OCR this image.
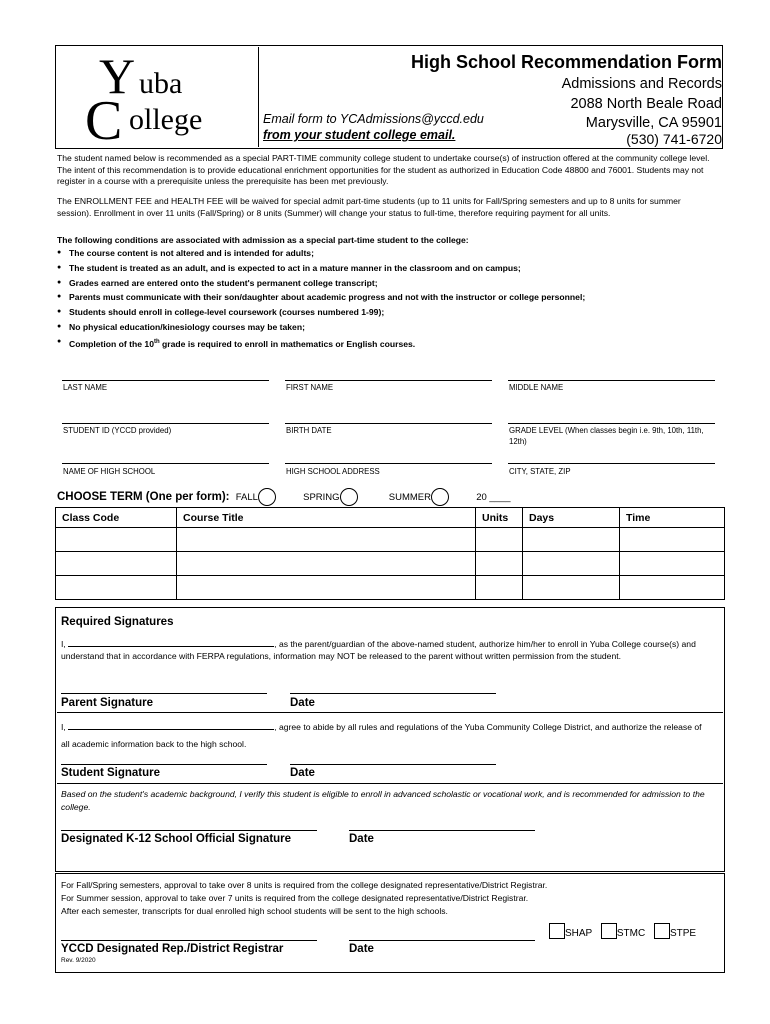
Y uba
C ollege
High School Recommendation Form
Admissions and Records
2088 North Beale Road
Marysville, CA 95901
(530) 741-6720
Email form to YCAdmissions@yccd.edu
from your student college email.
The student named below is recommended as a special PART-TIME community college student to undertake course(s) of instruction offered at the community college level. The intent of this recommendation is to provide educational enrichment opportunities for the student as authorized in Education Code 48800 and 76001. Students may not register in a course with a prerequisite unless the prerequisite has been met previously.
The ENROLLMENT FEE and HEALTH FEE will be waived for special admit part-time students (up to 11 units for Fall/Spring semesters and up to 8 units for summer session). Enrollment in over 11 units (Fall/Spring) or 8 units (Summer) will change your status to full-time, therefore requiring payment for all units.
The following conditions are associated with admission as a special part-time student to the college:
● The course content is not altered and is intended for adults;
● The student is treated as an adult, and is expected to act in a mature manner in the classroom and on campus;
● Grades earned are entered onto the student's permanent college transcript;
● Parents must communicate with their son/daughter about academic progress and not with the instructor or college personnel;
● Students should enroll in college-level coursework (courses numbered 1-99);
● No physical education/kinesiology courses may be taken;
● Completion of the 10th grade is required to enroll in mathematics or English courses.
LAST NAME	FIRST NAME	MIDDLE NAME
STUDENT ID (YCCD provided)	BIRTH DATE	GRADE LEVEL (When classes begin i.e. 9th, 10th, 11th, 12th)
NAME OF HIGH SCHOOL	HIGH SCHOOL ADDRESS	CITY, STATE, ZIP
CHOOSE TERM (One per form): FALL	SPRING	SUMMER	20 ____
Class Code	Course Title	Units	Days	Time

Required Signatures
I,	, as the parent/guardian of the above-named student, authorize him/her to enroll in Yuba College course(s) and understand that in accordance with FERPA regulations, information may NOT be released to the parent without written permission from the student.
Parent Signature	Date
I,	, agree to abide by all rules and regulations of the Yuba Community College District, and authorize the release of all academic information back to the high school.
Student Signature	Date
Based on the student's academic background, I verify this student is eligible to enroll in advanced scholastic or vocational work, and is recommended for admission to the college.
Designated K-12 School Official Signature	Date
For Fall/Spring semesters, approval to take over 8 units is required from the college designated representative/District Registrar.
For Summer session, approval to take over 7 units is required from the college designated representative/District Registrar.
After each semester, transcripts for dual enrolled high school students will be sent to the high schools.
YCCD Designated Rep./District Registrar	Date
SHAP STMC STPE
Rev. 9/2020
